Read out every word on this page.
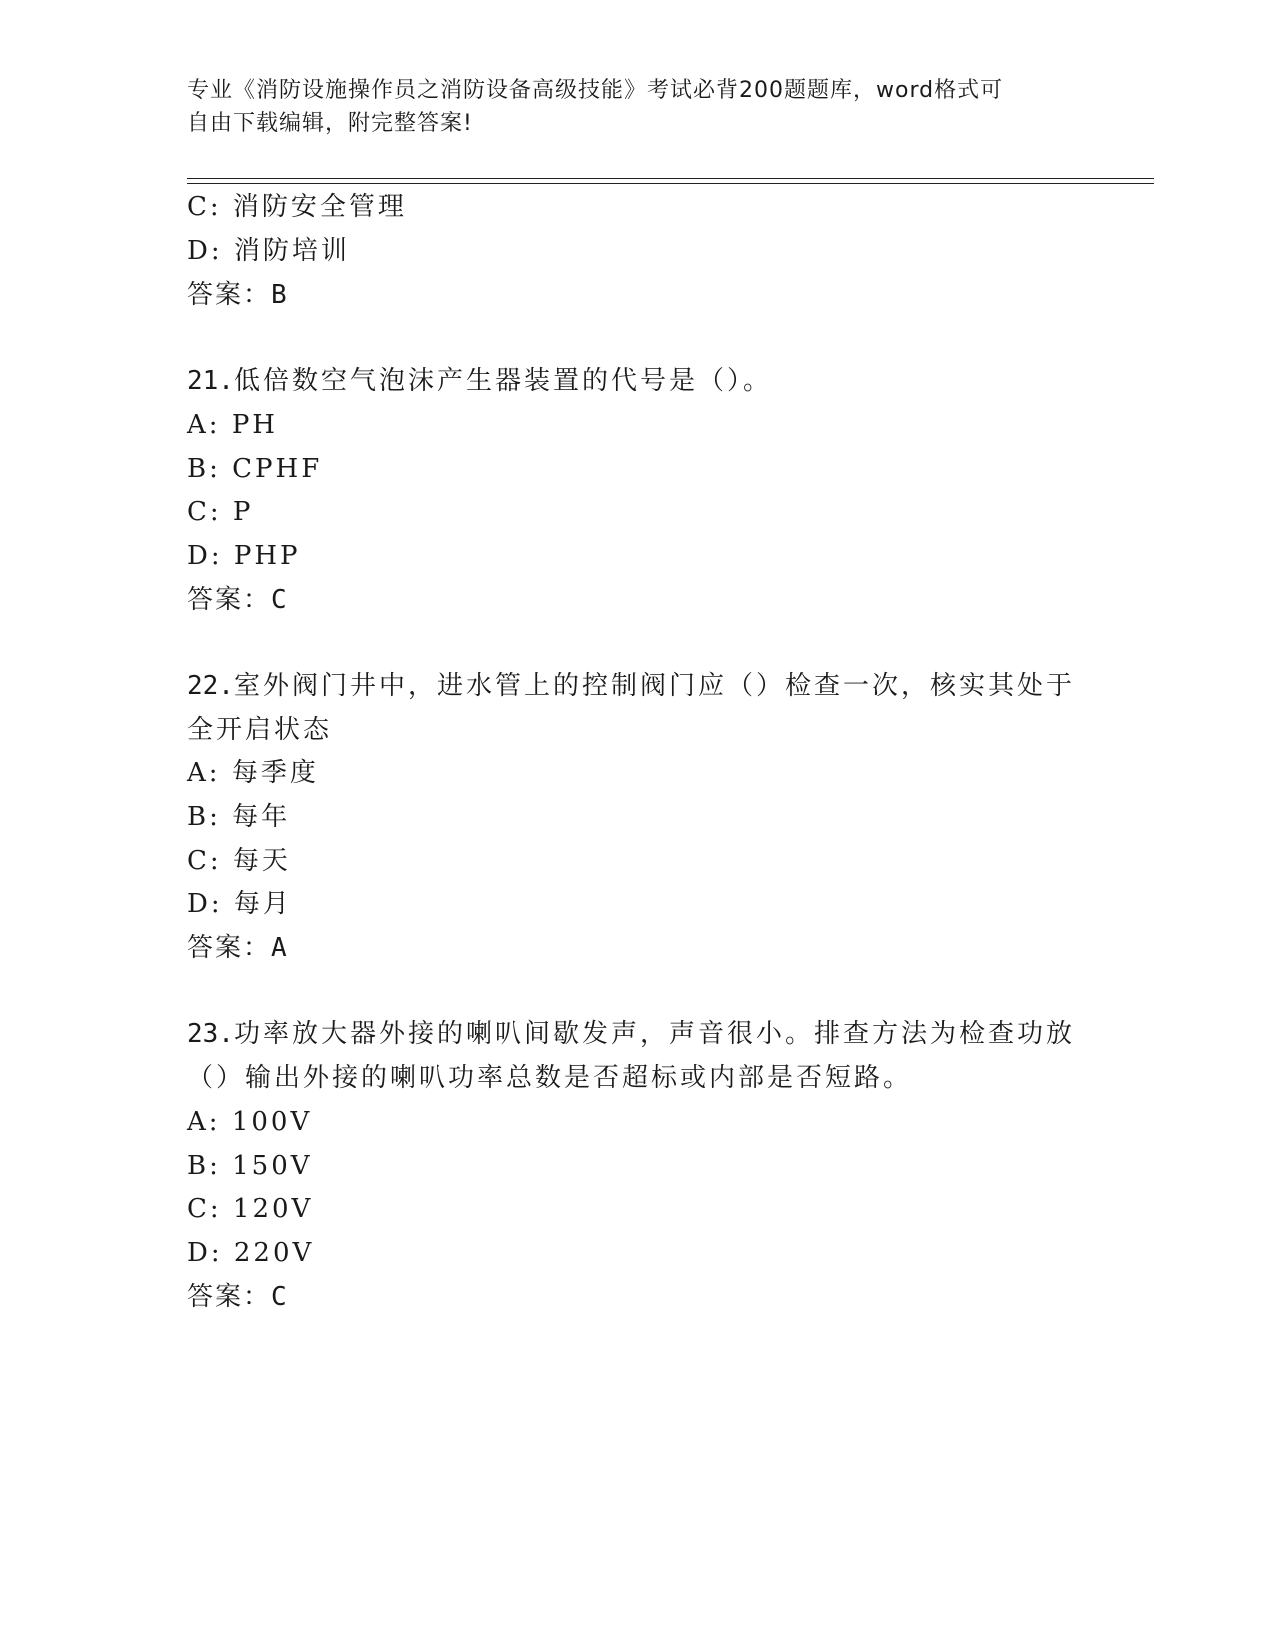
专业《消防设施操作员之消防设备高级技能》考试必背200题题库，word格式可
自由下载编辑，附完整答案!
C: 消防安全管理
D: 消防培训
答案：B
21.低倍数空气泡沫产生器装置的代号是（）。
A: PH
B: CPHF
C: P
D: PHP
答案：C
22.室外阀门井中，进水管上的控制阀门应（）检查一次，核实其处于
全开启状态
A: 每季度
B: 每年
C: 每天
D: 每月
答案：A
23.功率放大器外接的喇叭间歇发声，声音很小。排查方法为检查功放
（）输出外接的喇叭功率总数是否超标或内部是否短路。
A: 100V
B: 150V
C: 120V
D: 220V
答案：C
